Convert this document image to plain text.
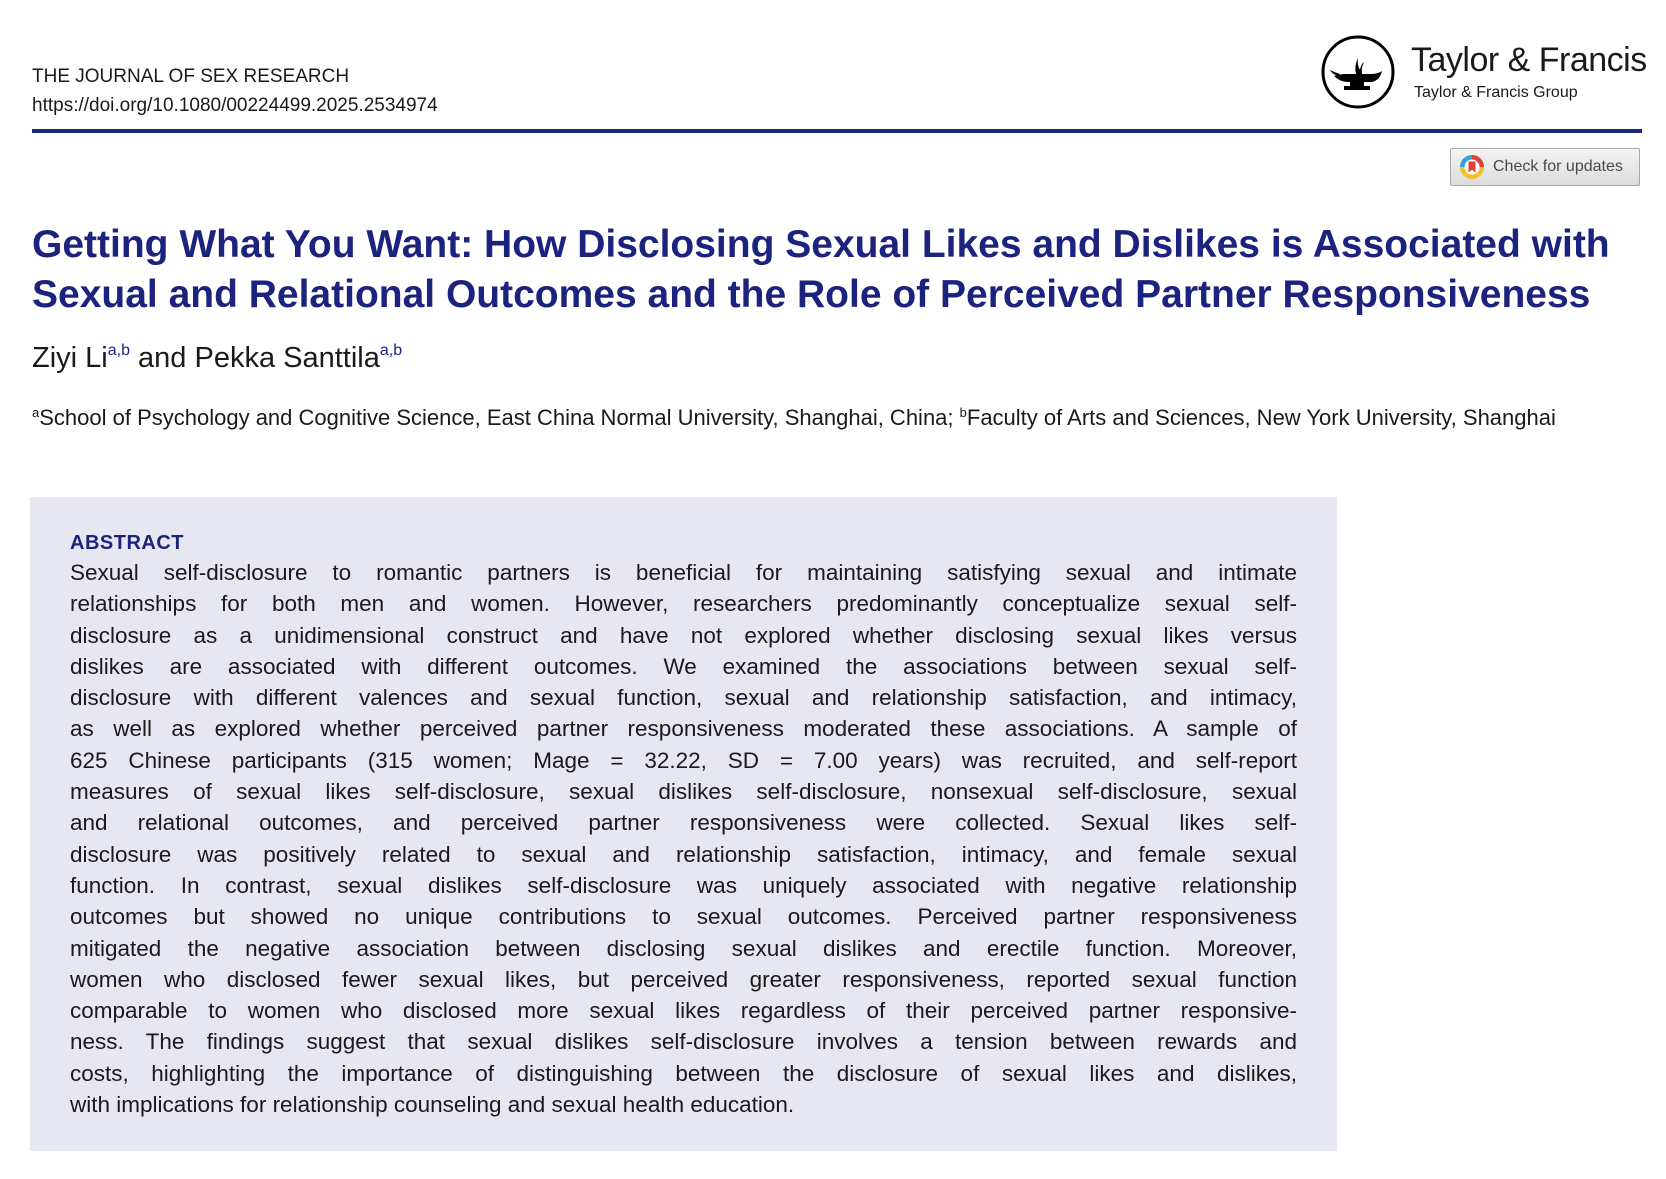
THE JOURNAL OF SEX RESEARCH
https://doi.org/10.1080/00224499.2025.2534974
Taylor & Francis
Taylor & Francis Group
Check for updates
Getting What You Want: How Disclosing Sexual Likes and Dislikes is Associated with
Sexual and Relational Outcomes and the Role of Perceived Partner Responsiveness
Ziyi Li$^{a,b}$ and Pekka Santtila$^{a,b}$
$^a$School of Psychology and Cognitive Science, East China Normal University, Shanghai, China; $^b$Faculty of Arts and Sciences, New York University, Shanghai
ABSTRACT
Sexual self-disclosure to romantic partners is beneficial for maintaining satisfying sexual and intimate
relationships for both men and women. However, researchers predominantly conceptualize sexual self-
disclosure as a unidimensional construct and have not explored whether disclosing sexual likes versus
dislikes are associated with different outcomes. We examined the associations between sexual self-
disclosure with different valences and sexual function, sexual and relationship satisfaction, and intimacy,
as well as explored whether perceived partner responsiveness moderated these associations. A sample of
625 Chinese participants (315 women; Mage = 32.22, SD = 7.00 years) was recruited, and self-report
measures of sexual likes self-disclosure, sexual dislikes self-disclosure, nonsexual self-disclosure, sexual
and relational outcomes, and perceived partner responsiveness were collected. Sexual likes self-
disclosure was positively related to sexual and relationship satisfaction, intimacy, and female sexual
function. In contrast, sexual dislikes self-disclosure was uniquely associated with negative relationship
outcomes but showed no unique contributions to sexual outcomes. Perceived partner responsiveness
mitigated the negative association between disclosing sexual dislikes and erectile function. Moreover,
women who disclosed fewer sexual likes, but perceived greater responsiveness, reported sexual function
comparable to women who disclosed more sexual likes regardless of their perceived partner responsive-
ness. The findings suggest that sexual dislikes self-disclosure involves a tension between rewards and
costs, highlighting the importance of distinguishing between the disclosure of sexual likes and dislikes,
with implications for relationship counseling and sexual health education.
